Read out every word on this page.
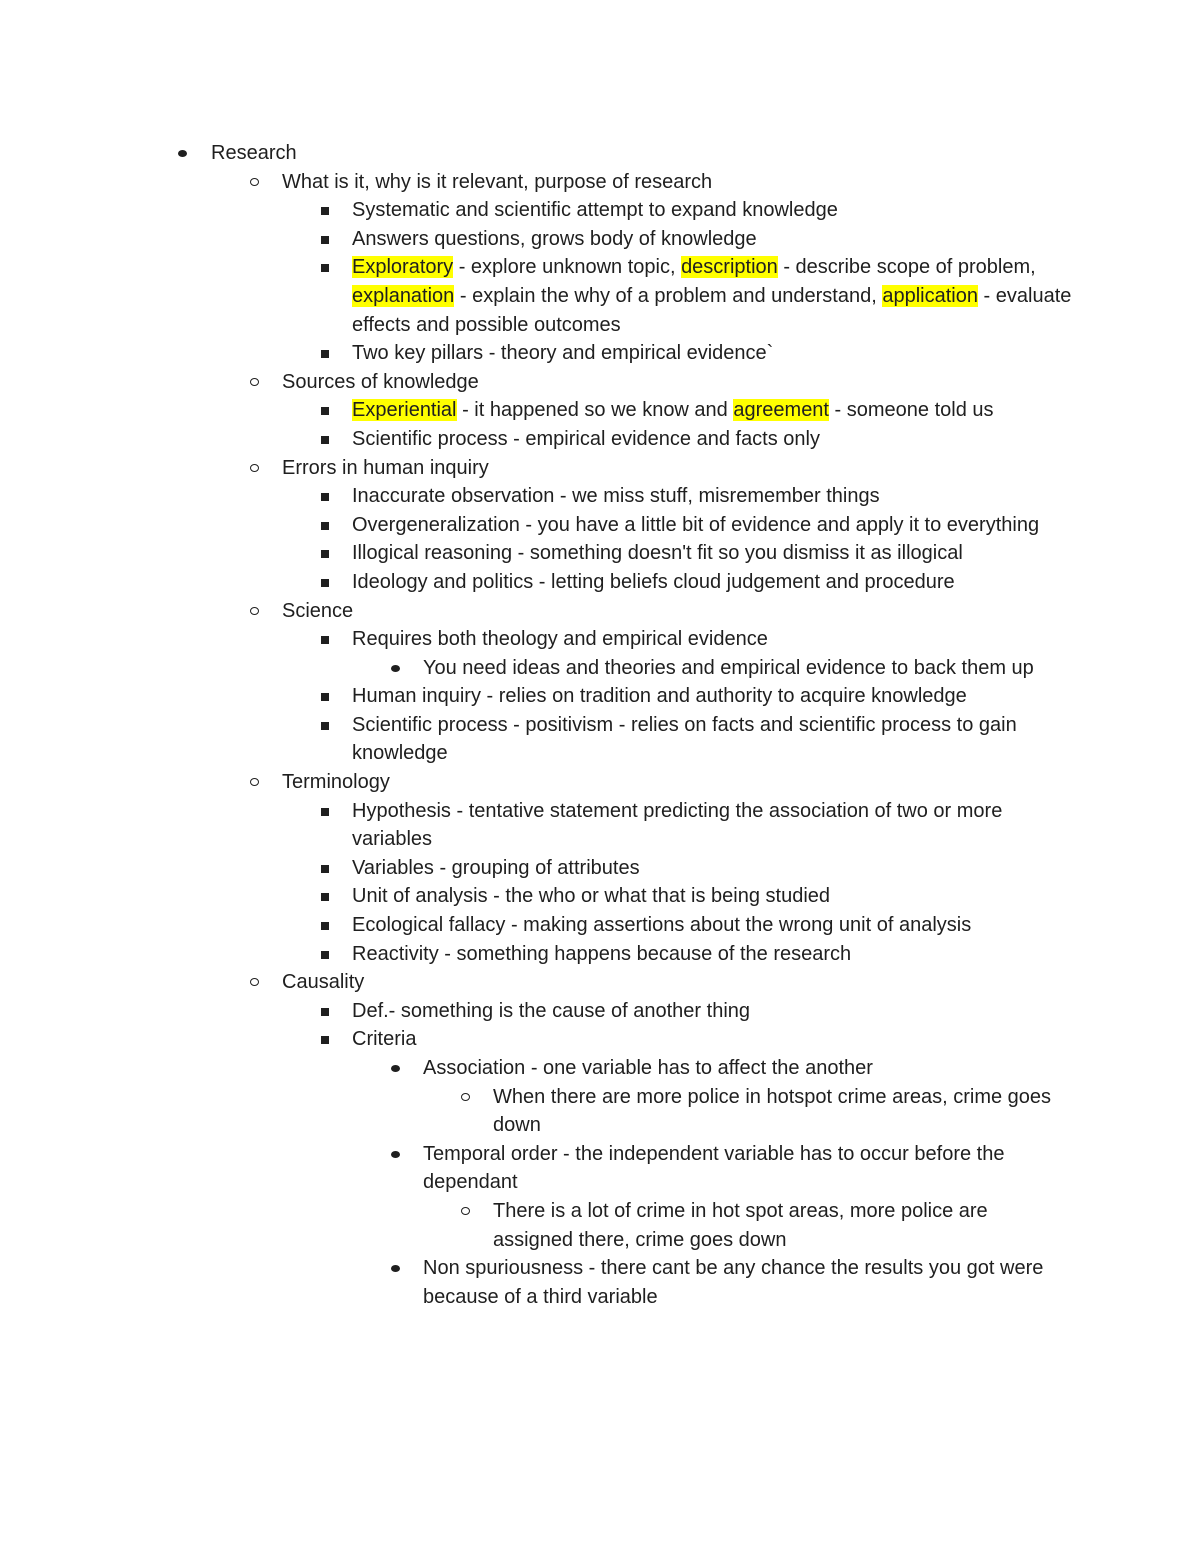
Research
What is it, why is it relevant, purpose of research
Systematic and scientific attempt to expand knowledge
Answers questions, grows body of knowledge
Exploratory - explore unknown topic, description - describe scope of problem, explanation - explain the why of a problem and understand, application - evaluate effects and possible outcomes
Two key pillars - theory and empirical evidence`
Sources of knowledge
Experiential - it happened so we know and agreement - someone told us
Scientific process - empirical evidence and facts only
Errors in human inquiry
Inaccurate observation - we miss stuff, misremember things
Overgeneralization - you have a little bit of evidence and apply it to everything
Illogical reasoning - something doesn't fit so you dismiss it as illogical
Ideology and politics - letting beliefs cloud judgement and procedure
Science
Requires both theology and empirical evidence
You need ideas and theories and empirical evidence to back them up
Human inquiry - relies on tradition and authority to acquire knowledge
Scientific process - positivism - relies on facts and scientific process to gain knowledge
Terminology
Hypothesis - tentative statement predicting the association of two or more variables
Variables - grouping of attributes
Unit of analysis - the who or what that is being studied
Ecological fallacy - making assertions about the wrong unit of analysis
Reactivity - something happens because of the research
Causality
Def.- something is the cause of another thing
Criteria
Association - one variable has to affect the another
When there are more police in hotspot crime areas, crime goes down
Temporal order - the independent variable has to occur before the dependant
There is a lot of crime in hot spot areas, more police are assigned there, crime goes down
Non spuriousness - there cant be any chance the results you got were because of a third variable
